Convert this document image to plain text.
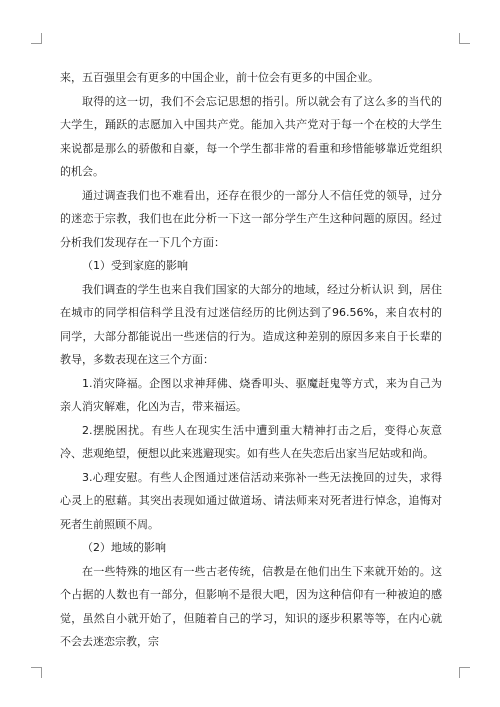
来，五百强里会有更多的中国企业，前十位会有更多的中国企业。

取得的这一切，我们不会忘记思想的指引。所以就会有了这么多的当代的大学生，踊跃的志愿加入中国共产党。能加入共产党对于每一个在校的大学生来说都是那么的骄傲和自豪，每一个学生都非常的看重和珍惜能够靠近党组织的机会。

通过调查我们也不难看出，还存在很少的一部分人不信任党的领导，过分的迷恋于宗教，我们也在此分析一下这一部分学生产生这种问题的原因。经过分析我们发现存在一下几个方面：

（1）受到家庭的影响

我们调查的学生也来自我们国家的大部分的地域，经过分析认识 到，居住在城市的同学相信科学且没有过迷信经历的比例达到了96.56%，来自农村的同学，大部分都能说出一些迷信的行为。造成这种差别的原因多来自于长辈的教导，多数表现在这三个方面：

1.消灾降福。企图以求神拜佛、烧香叩头、驱魔赶鬼等方式，来为自己为亲人消灾解难，化凶为吉，带来福运。

2.摆脱困扰。有些人在现实生活中遭到重大精神打击之后，变得心灰意冷、悲观绝望，便想以此来逃避现实。如有些人在失恋后出家当尼姑或和尚。

3.心理安慰。有些人企图通过迷信活动来弥补一些无法挽回的过失，求得心灵上的慰藉。其突出表现如通过做道场、请法师来对死者进行悼念，追悔对死者生前照顾不周。

（2）地域的影响

在一些特殊的地区有一些古老传统，信教是在他们出生下来就开始的。这个占据的人数也有一部分，但影响不是很大吧，因为这种信仰有一种被迫的感觉，虽然自小就开始了，但随着自己的学习，知识的逐步积累等等，在内心就不会去迷恋宗教，宗
